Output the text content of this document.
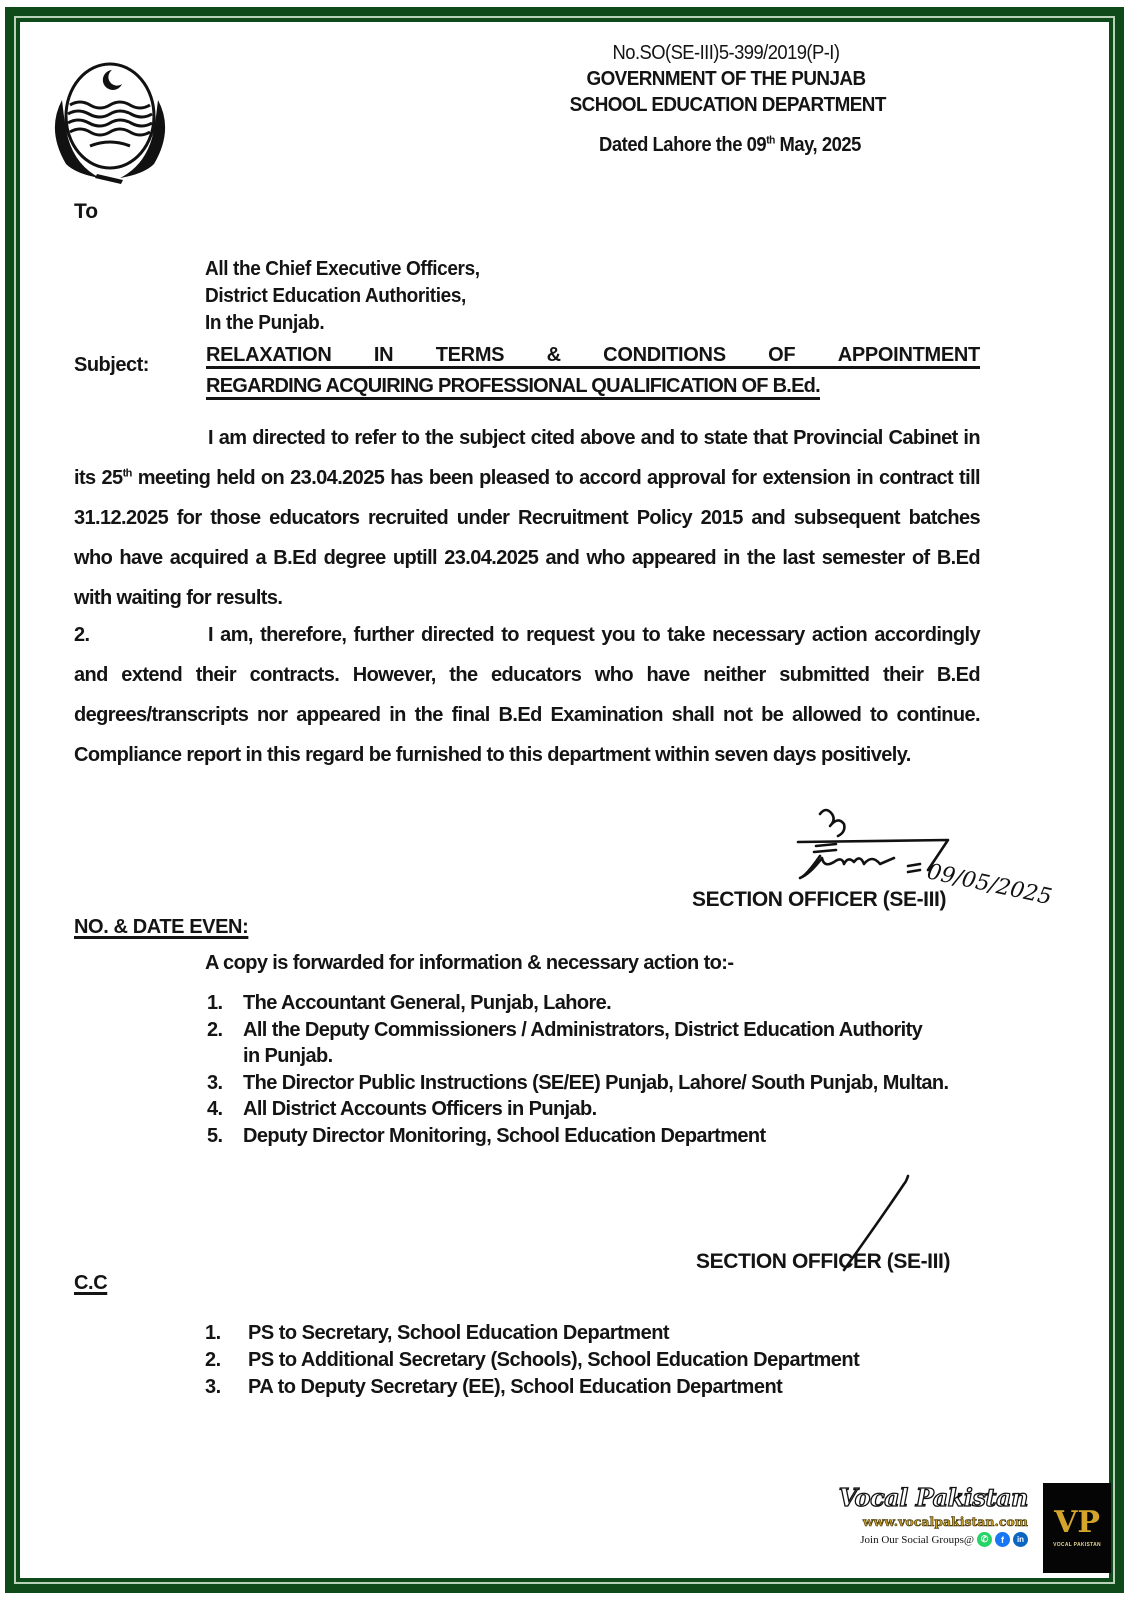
No.SO(SE-III)5-399/2019(P-I)
GOVERNMENT OF THE PUNJAB
SCHOOL EDUCATION DEPARTMENT
Dated Lahore the 09th May, 2025
To
All the Chief Executive Officers,
District Education Authorities,
In the Punjab.
Subject:	RELAXATION IN TERMS & CONDITIONS OF APPOINTMENT
REGARDING ACQUIRING PROFESSIONAL QUALIFICATION OF B.Ed.
I am directed to refer to the subject cited above and to state that Provincial Cabinet in its 25th meeting held on 23.04.2025 has been pleased to accord approval for extension in contract till 31.12.2025 for those educators recruited under Recruitment Policy 2015 and subsequent batches who have acquired a B.Ed degree uptill 23.04.2025 and who appeared in the last semester of B.Ed with waiting for results.
2.	I am, therefore, further directed to request you to take necessary action accordingly and extend their contracts. However, the educators who have neither submitted their B.Ed degrees/transcripts nor appeared in the final B.Ed Examination shall not be allowed to continue. Compliance report in this regard be furnished to this department within seven days positively.
09/05/2025
SECTION OFFICER (SE-III)
NO. & DATE EVEN:
A copy is forwarded for information & necessary action to:-
1.	The Accountant General, Punjab, Lahore.
2.	All the Deputy Commissioners / Administrators, District Education Authority in Punjab.
3.	The Director Public Instructions (SE/EE) Punjab, Lahore/ South Punjab, Multan.
4.	All District Accounts Officers in Punjab.
5.	Deputy Director Monitoring, School Education Department
SECTION OFFICER (SE-III)
C.C
1.	PS to Secretary, School Education Department
2.	PS to Additional Secretary (Schools), School Education Department
3.	PA to Deputy Secretary (EE), School Education Department
Vocal Pakistan
www.vocalpakistan.com
Join Our Social Groups@ ✆	f	in VP
VOCAL PAKISTAN
